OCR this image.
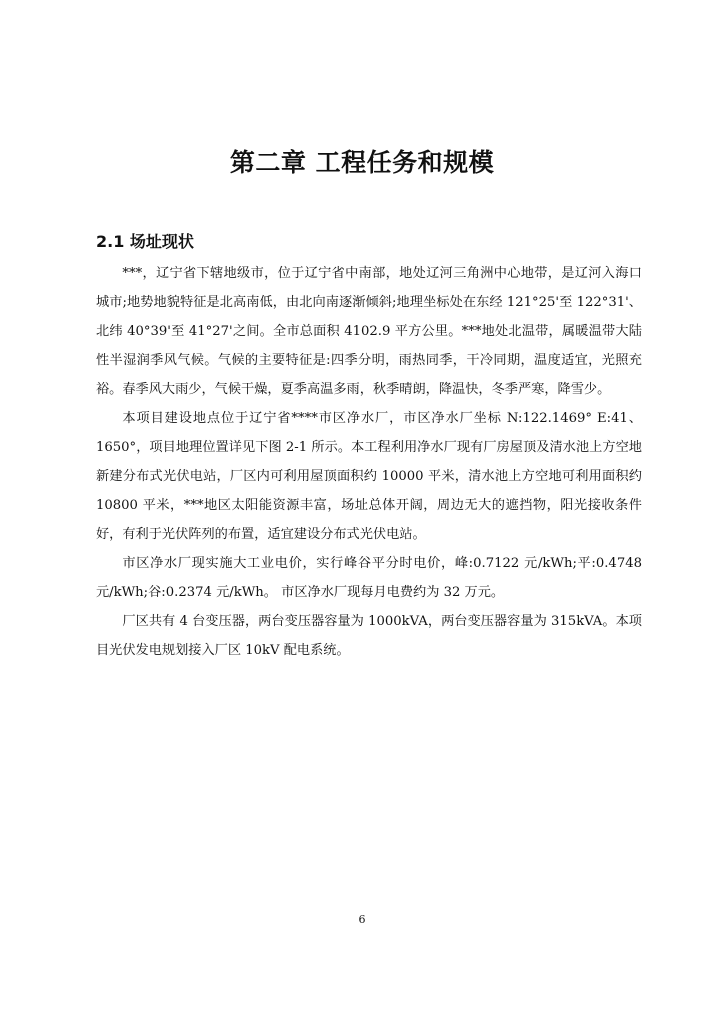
第二章 工程任务和规模
2.1 场址现状

***，辽宁省下辖地级市，位于辽宁省中南部，地处辽河三角洲中心地带，是辽河入海口城市;地势地貌特征是北高南低，由北向南逐渐倾斜;地理坐标处在东经 121°25'至 122°31'、北纬 40°39'至 41°27'之间。全市总面积 4102.9 平方公里。***地处北温带，属暖温带大陆性半湿润季风气候。气候的主要特征是:四季分明，雨热同季，干冷同期，温度适宜，光照充裕。春季风大雨少，气候干燥，夏季高温多雨，秋季晴朗，降温快，冬季严寒，降雪少。

本项目建设地点位于辽宁省****市区净水厂，市区净水厂坐标 N:122.1469° E:41、1650°，项目地理位置详见下图 2-1 所示。本工程利用净水厂现有厂房屋顶及清水池上方空地新建分布式光伏电站，厂区内可利用屋顶面积约 10000 平米，清水池上方空地可利用面积约 10800 平米，***地区太阳能资源丰富，场址总体开阔，周边无大的遮挡物，阳光接收条件好，有利于光伏阵列的布置，适宜建设分布式光伏电站。

市区净水厂现实施大工业电价，实行峰谷平分时电价，峰:0.7122 元/kWh;平:0.4748 元/kWh;谷:0.2374 元/kWh。 市区净水厂现每月电费约为 32 万元。

厂区共有 4 台变压器，两台变压器容量为 1000kVA，两台变压器容量为 315kVA。本项目光伏发电规划接入厂区 10kV 配电系统。

6
